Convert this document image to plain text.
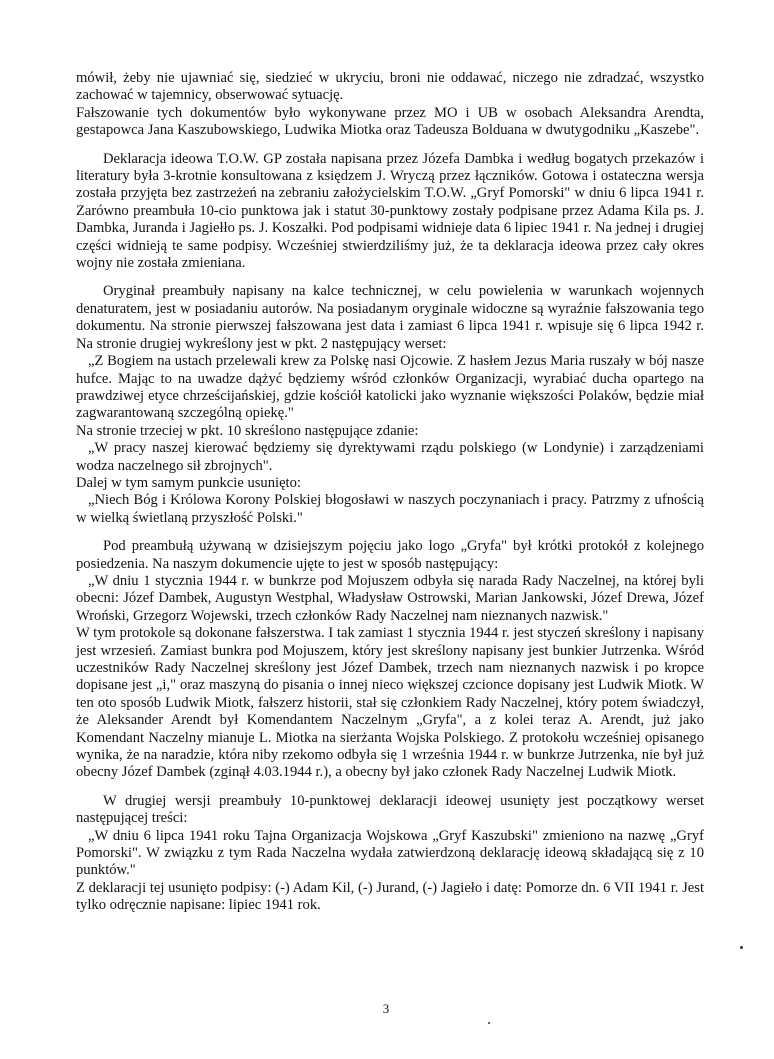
mówił, żeby nie ujawniać się, siedzieć w ukryciu, broni nie oddawać, niczego nie zdradzać, wszystko zachować w tajemnicy, obserwować sytuację.

Fałszowanie tych dokumentów było wykonywane przez MO i UB w osobach Aleksandra Arendta, gestapowca Jana Kaszubowskiego, Ludwika Miotka oraz Tadeusza Bolduana w dwutygodniku „Kaszebe".

Deklaracja ideowa T.O.W. GP została napisana przez Józefa Dambka i według bogatych przekazów i literatury była 3-krotnie konsultowana z księdzem J. Wryczą przez łączników. Gotowa i ostateczna wersja została przyjęta bez zastrzeżeń na zebraniu założycielskim T.O.W. „Gryf Pomorski" w dniu 6 lipca 1941 r. Zarówno preambuła 10-cio punktowa jak i statut 30-punktowy zostały podpisane przez Adama Kila ps. J. Dambka, Juranda i Jagiełło ps. J. Koszałki. Pod podpisami widnieje data 6 lipiec 1941 r. Na jednej i drugiej części widnieją te same podpisy. Wcześniej stwierdziliśmy już, że ta deklaracja ideowa przez cały okres wojny nie została zmieniana.

Oryginał preambuły napisany na kalce technicznej, w celu powielenia w warunkach wojennych denaturatem, jest w posiadaniu autorów. Na posiadanym oryginale widoczne są wyraźnie fałszowania tego dokumentu. Na stronie pierwszej fałszowana jest data i zamiast 6 lipca 1941 r. wpisuje się 6 lipca 1942 r. Na stronie drugiej wykreślony jest w pkt. 2 następujący werset:

„Z Bogiem na ustach przelewali krew za Polskę nasi Ojcowie. Z hasłem Jezus Maria ruszały w bój nasze hufce. Mając to na uwadze dążyć będziemy wśród członków Organizacji, wyrabiać ducha opartego na prawdziwej etyce chrześcijańskiej, gdzie kościół katolicki jako wyznanie większości Polaków, będzie miał zagwarantowaną szczególną opiekę."

Na stronie trzeciej w pkt. 10 skreślono następujące zdanie:

„W pracy naszej kierować będziemy się dyrektywami rządu polskiego (w Londynie) i zarządzeniami wodza naczelnego sił zbrojnych".

Dalej w tym samym punkcie usunięto:

„Niech Bóg i Królowa Korony Polskiej błogosławi w naszych poczynaniach i pracy. Patrzmy z ufnością w wielką świetlaną przyszłość Polski."

Pod preambułą używaną w dzisiejszym pojęciu jako logo „Gryfa" był krótki protokół z kolejnego posiedzenia. Na naszym dokumencie ujęte to jest w sposób następujący:

„W dniu 1 stycznia 1944 r. w bunkrze pod Mojuszem odbyła się narada Rady Naczelnej, na której byli obecni: Józef Dambek, Augustyn Westphal, Władysław Ostrowski, Marian Jankowski, Józef Drewa, Józef Wroński, Grzegorz Wojewski, trzech członków Rady Naczelnej nam nieznanych nazwisk."

W tym protokole są dokonane fałszerstwa. I tak zamiast 1 stycznia 1944 r. jest styczeń skreślony i napisany jest wrzesień. Zamiast bunkra pod Mojuszem, który jest skreślony napisany jest bunkier Jutrzenka. Wśród uczestników Rady Naczelnej skreślony jest Józef Dambek, trzech nam nieznanych nazwisk i po kropce dopisane jest „i," oraz maszyną do pisania o innej nieco większej czcionce dopisany jest Ludwik Miotk. W ten oto sposób Ludwik Miotk, fałszerz historii, stał się członkiem Rady Naczelnej, który potem świadczył, że Aleksander Arendt był Komendantem Naczelnym „Gryfa", a z kolei teraz A. Arendt, już jako Komendant Naczelny mianuje L. Miotka na sierżanta Wojska Polskiego. Z protokołu wcześniej opisanego wynika, że na naradzie, która niby rzekomo odbyła się 1 września 1944 r. w bunkrze Jutrzenka, nie był już obecny Józef Dambek (zginął 4.03.1944 r.), a obecny był jako członek Rady Naczelnej Ludwik Miotk.

W drugiej wersji preambuły 10-punktowej deklaracji ideowej usunięty jest początkowy werset następującej treści:

„W dniu 6 lipca 1941 roku Tajna Organizacja Wojskowa „Gryf Kaszubski" zmieniono na nazwę „Gryf Pomorski". W związku z tym Rada Naczelna wydała zatwierdzoną deklarację ideową składającą się z 10 punktów."

Z deklaracji tej usunięto podpisy: (-) Adam Kil, (-) Jurand, (-) Jagieło i datę: Pomorze dn. 6 VII 1941 r. Jest tylko odręcznie napisane: lipiec 1941 rok.

3
